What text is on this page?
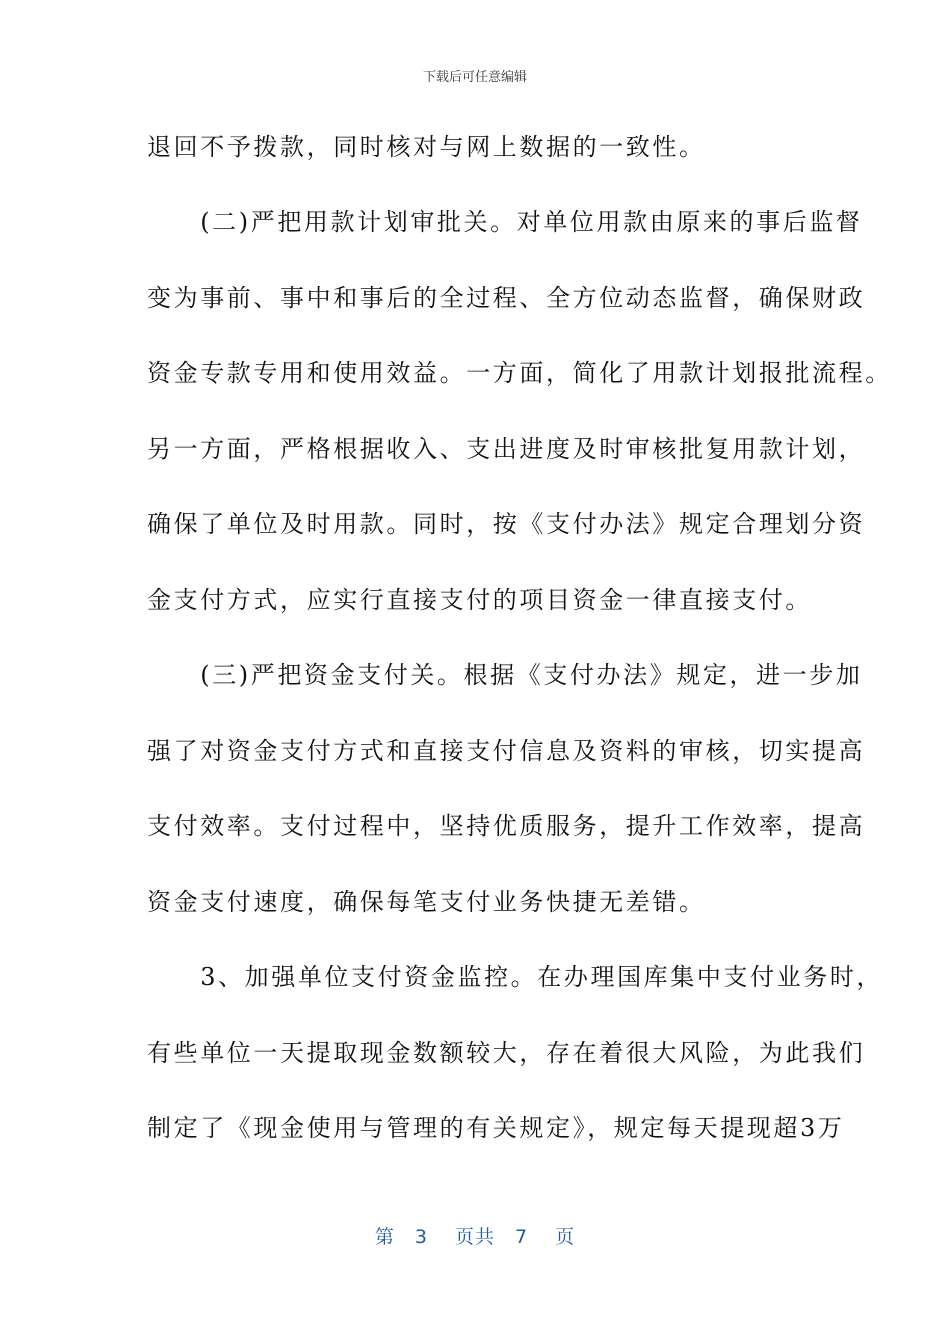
下载后可任意编辑
退回不予拨款，同时核对与网上数据的一致性。
　　(二)严把用款计划审批关。对单位用款由原来的事后监督
变为事前、事中和事后的全过程、全方位动态监督，确保财政
资金专款专用和使用效益。一方面，简化了用款计划报批流程。
另一方面，严格根据收入、支出进度及时审核批复用款计划，
确保了单位及时用款。同时，按《支付办法》规定合理划分资
金支付方式，应实行直接支付的项目资金一律直接支付。
　　(三)严把资金支付关。根据《支付办法》规定，进一步加
强了对资金支付方式和直接支付信息及资料的审核，切实提高
支付效率。支付过程中，坚持优质服务，提升工作效率，提高
资金支付速度，确保每笔支付业务快捷无差错。
　　3、加强单位支付资金监控。在办理国库集中支付业务时，
有些单位一天提取现金数额较大，存在着很大风险，为此我们
制定了《现金使用与管理的有关规定》，规定每天提现超3万
第　3　 页共　7　 页
